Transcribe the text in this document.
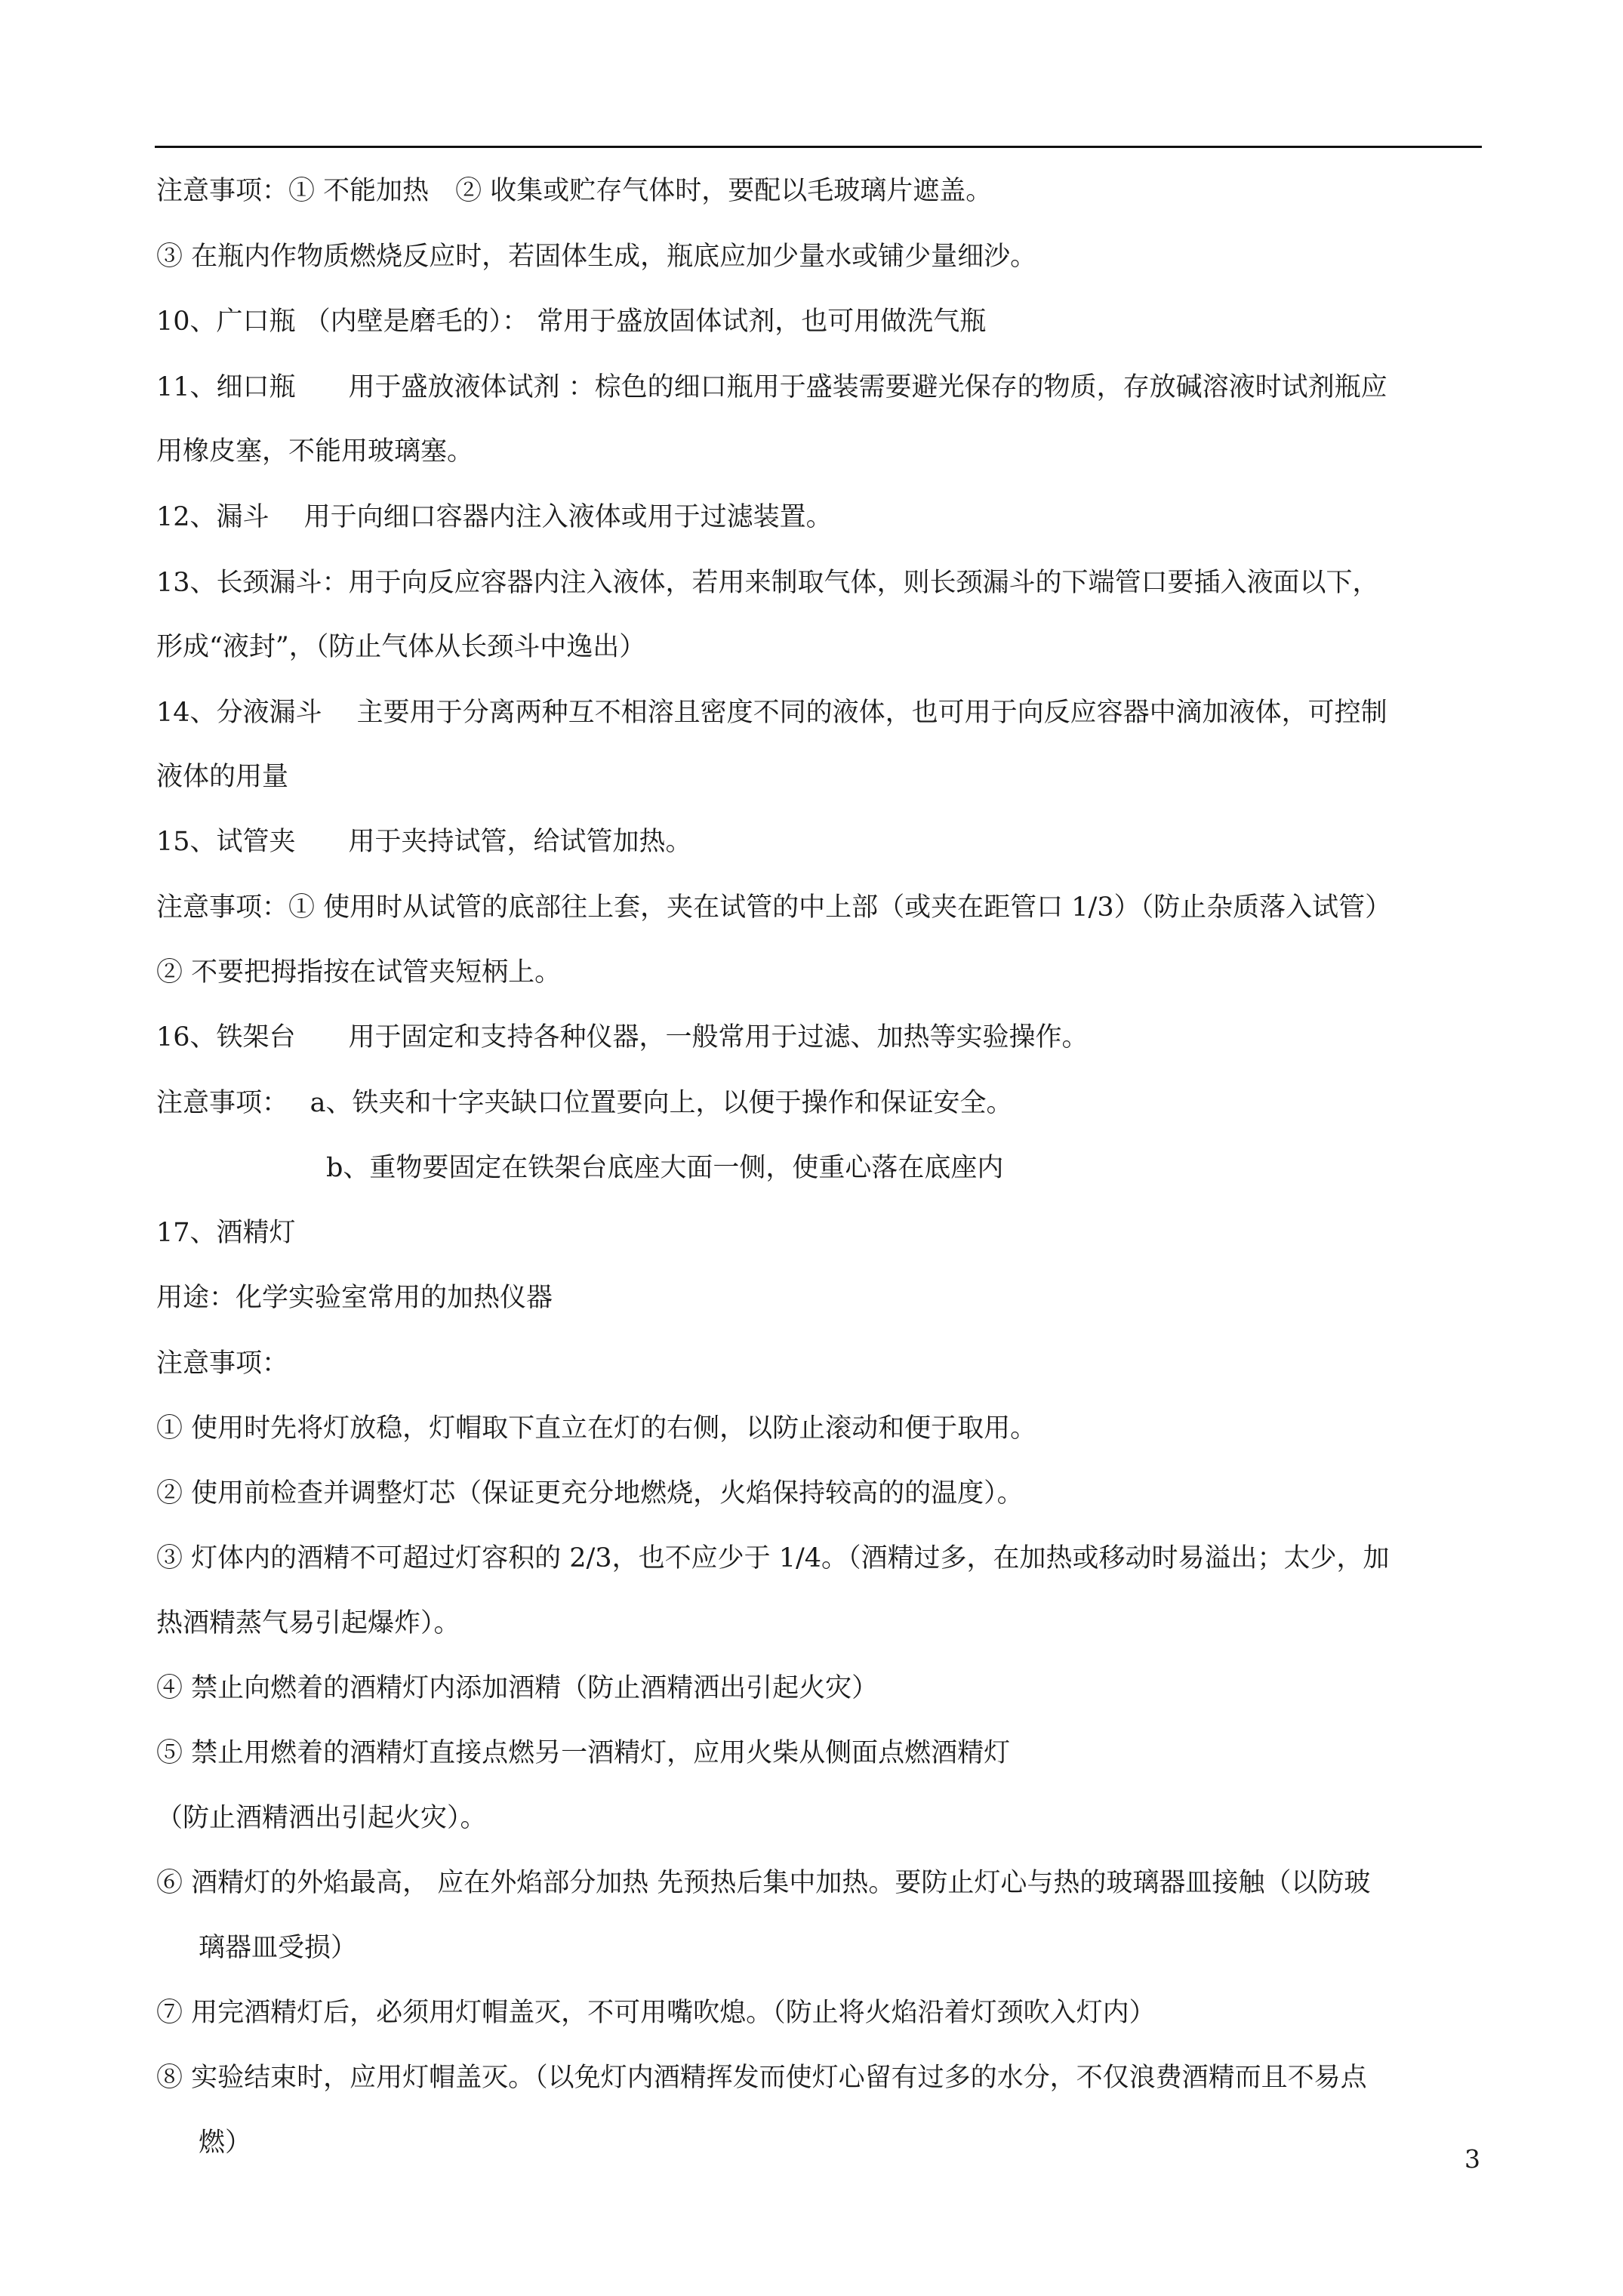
注意事项：① 不能加热　② 收集或贮存气体时，要配以毛玻璃片遮盖。
③ 在瓶内作物质燃烧反应时，若固体生成，瓶底应加少量水或铺少量细沙。
10、广口瓶 （内壁是磨毛的）： 常用于盛放固体试剂，也可用做洗气瓶
11、细口瓶　　用于盛放液体试剂 ：棕色的细口瓶用于盛装需要避光保存的物质，存放碱溶液时试剂瓶应
用橡皮塞，不能用玻璃塞。
12、漏斗　 用于向细口容器内注入液体或用于过滤装置。
13、长颈漏斗：用于向反应容器内注入液体，若用来制取气体，则长颈漏斗的下端管口要插入液面以下，
形成“液封”，（防止气体从长颈斗中逸出）
14、分液漏斗　 主要用于分离两种互不相溶且密度不同的液体，也可用于向反应容器中滴加液体，可控制
液体的用量
15、试管夹　　用于夹持试管，给试管加热。
注意事项：① 使用时从试管的底部往上套，夹在试管的中上部（或夹在距管口 1/3）（防止杂质落入试管）
② 不要把拇指按在试管夹短柄上。
16、铁架台　　用于固定和支持各种仪器，一般常用于过滤、加热等实验操作。
注意事项：　 a、铁夹和十字夹缺口位置要向上，以便于操作和保证安全。
b、重物要固定在铁架台底座大面一侧，使重心落在底座内
17、酒精灯
用途：化学实验室常用的加热仪器
注意事项：
① 使用时先将灯放稳，灯帽取下直立在灯的右侧，以防止滚动和便于取用。
② 使用前检查并调整灯芯（保证更充分地燃烧，火焰保持较高的的温度）。
③ 灯体内的酒精不可超过灯容积的 2/3，也不应少于 1/4。（酒精过多，在加热或移动时易溢出；太少，加
热酒精蒸气易引起爆炸）。
④ 禁止向燃着的酒精灯内添加酒精（防止酒精洒出引起火灾）
⑤ 禁止用燃着的酒精灯直接点燃另一酒精灯，应用火柴从侧面点燃酒精灯
（防止酒精洒出引起火灾）。
⑥ 酒精灯的外焰最高， 应在外焰部分加热 先预热后集中加热。要防止灯心与热的玻璃器皿接触（以防玻
璃器皿受损）
⑦ 用完酒精灯后，必须用灯帽盖灭，不可用嘴吹熄。（防止将火焰沿着灯颈吹入灯内）
⑧ 实验结束时，应用灯帽盖灭。（以免灯内酒精挥发而使灯心留有过多的水分，不仅浪费酒精而且不易点
燃）
3
